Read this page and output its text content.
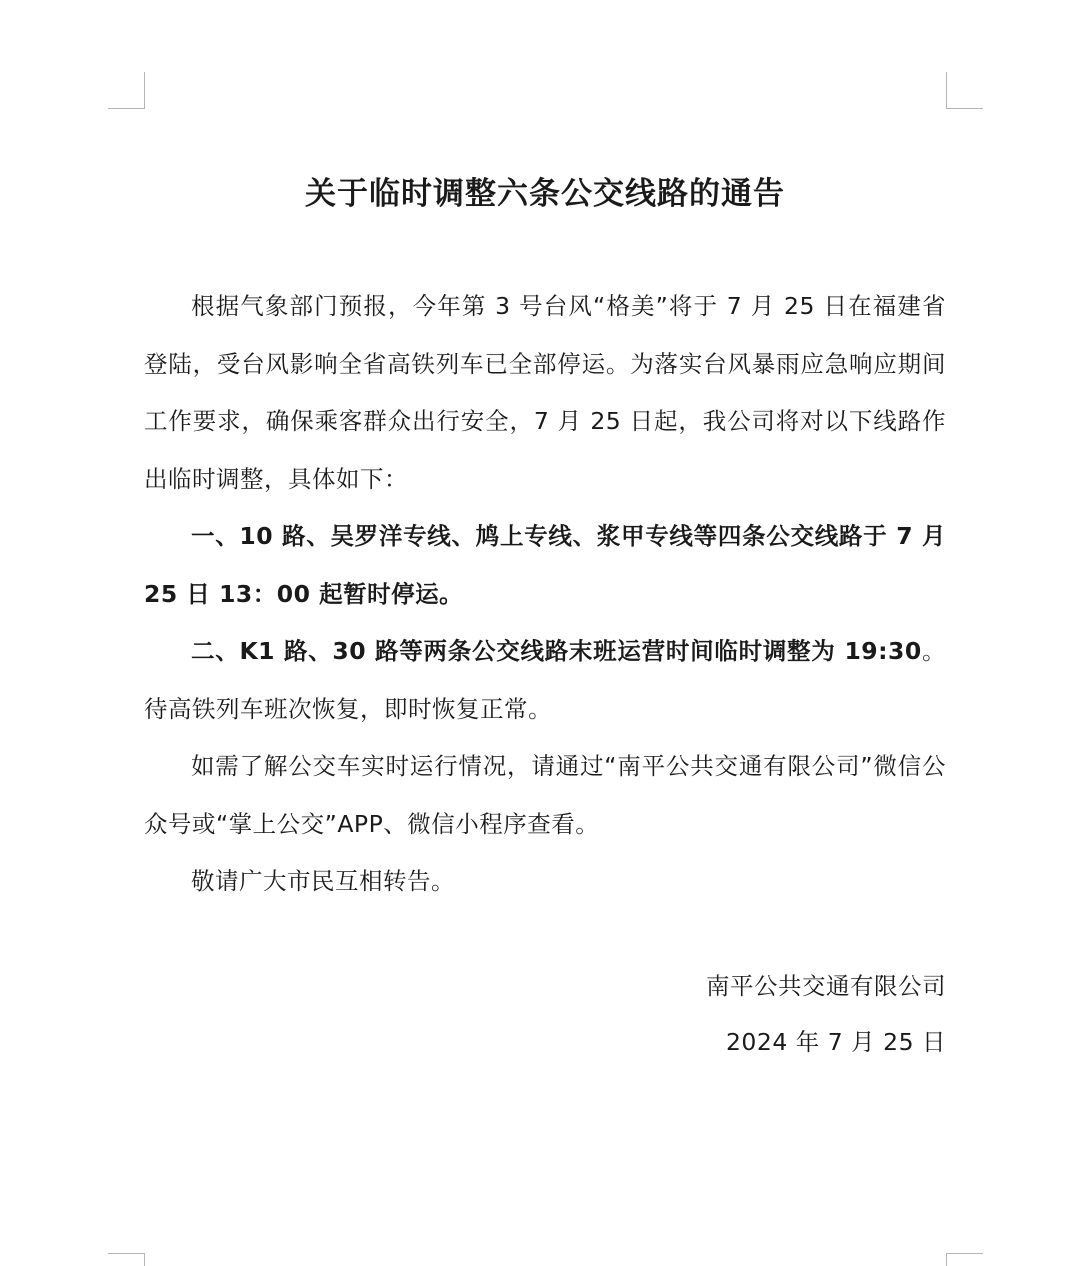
关于临时调整六条公交线路的通告

根据气象部门预报，今年第 3 号台风“格美”将于 7 月 25 日在福建省登陆，受台风影响全省高铁列车已全部停运。为落实台风暴雨应急响应期间工作要求，确保乘客群众出行安全，7 月 25 日起，我公司将对以下线路作出临时调整，具体如下：

一、10 路、吴罗洋专线、鸠上专线、浆甲专线等四条公交线路于 7 月 25 日 13：00 起暂时停运。

二、K1 路、30 路等两条公交线路末班运营时间临时调整为 19:30。待高铁列车班次恢复，即时恢复正常。

如需了解公交车实时运行情况，请通过“南平公共交通有限公司”微信公众号或“掌上公交”APP、微信小程序查看。

敬请广大市民互相转告。

南平公共交通有限公司
2024 年 7 月 25 日
